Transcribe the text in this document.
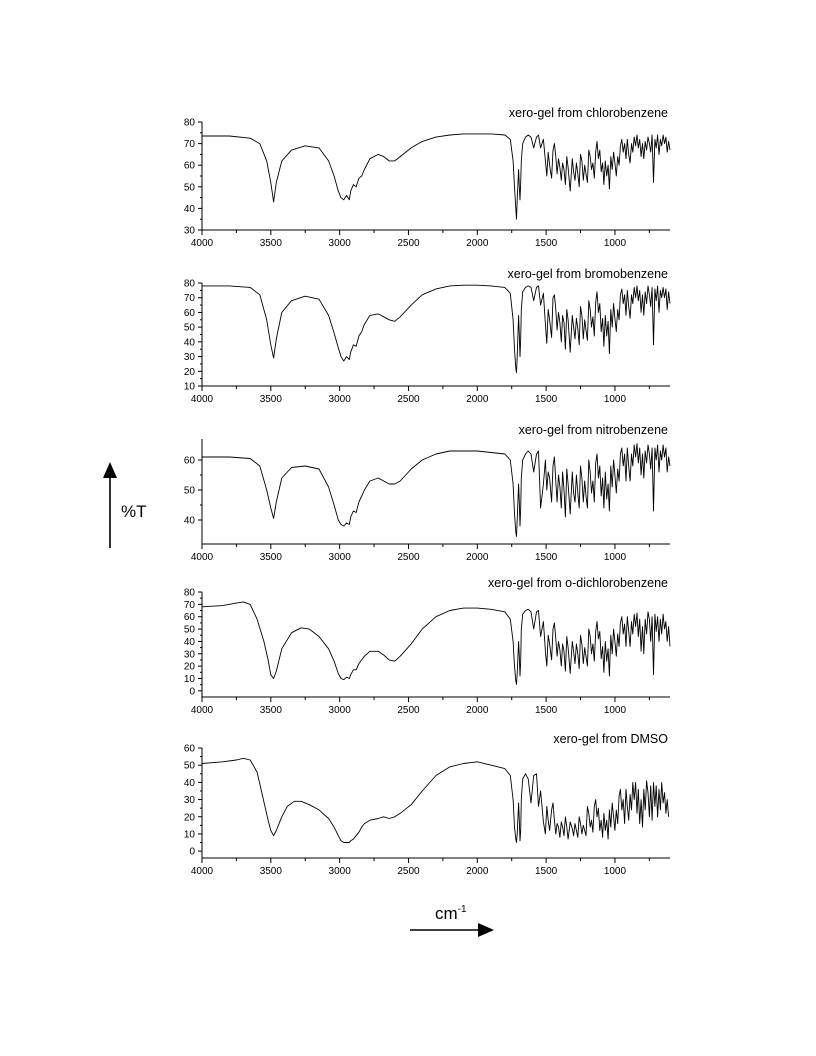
%T
$cm^{-1}$
30
40
50
60
70
80
4000	3500	3000	2500	2000	1500	1000
xero-gel from chlorobenzene
10
20
30
40
50
60
70
80
4000	3500	3000	2500	2000	1500	1000
xero-gel from bromobenzene
40
50
60
4000	3500	3000	2500	2000	1500	1000
xero-gel from nitrobenzene
0
10
20
30
40
50
60
70
80
4000	3500	3000	2500	2000	1500	1000
xero-gel from o-dichlorobenzene
0
10
20
30
40
50
60
4000	3500	3000	2500	2000	1500	1000
xero-gel from DMSO
